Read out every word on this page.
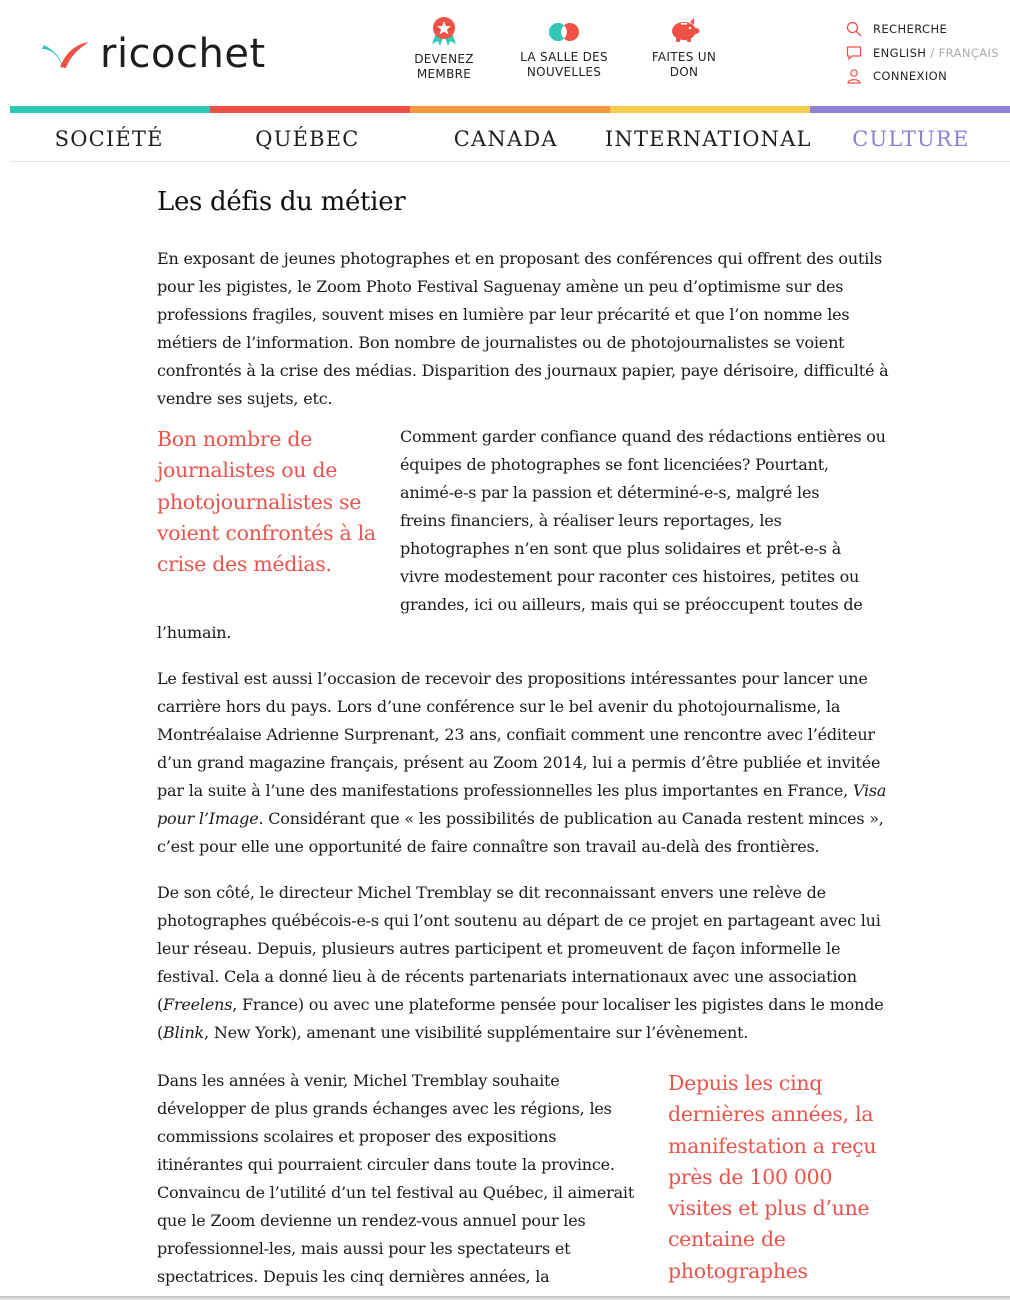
ricochet	DEVENEZ
MEMBRE
LA SALLE DES
NOUVELLES
FAITES UN
DON
RECHERCHE
ENGLISH / FRANÇAIS
CONNEXION
SOCIÉTÉ	QUÉBEC	CANADA	INTERNATIONAL	CULTURE
Les défis du métier

En exposant de jeunes photographes et en proposant des conférences qui offrent des outils pour les pigistes, le Zoom Photo Festival Saguenay amène un peu d’optimisme sur des professions fragiles, souvent mises en lumière par leur précarité et que l’on nomme les métiers de l’information. Bon nombre de journalistes ou de photojournalistes se voient confrontés à la crise des médias. Disparition des journaux papier, paye dérisoire, difficulté à vendre ses sujets, etc.

Bon nombre de journalistes ou de photojournalistes se voient confrontés à la crise des médias.
Comment garder confiance quand des rédactions entières ou
équipes de photographes se font licenciées? Pourtant,
animé-e-s par la passion et déterminé-e-s, malgré les
freins financiers, à réaliser leurs reportages, les
photographes n’en sont que plus solidaires et prêt-e-s à
vivre modestement pour raconter ces histoires, petites ou
grandes, ici ou ailleurs, mais qui se préoccupent toutes de
l’humain.

Le festival est aussi l’occasion de recevoir des propositions intéressantes pour lancer une carrière hors du pays. Lors d’une conférence sur le bel avenir du photojournalisme, la Montréalaise Adrienne Surprenant, 23 ans, confiait comment une rencontre avec l’éditeur d’un grand magazine français, présent au Zoom 2014, lui a permis d’être publiée et invitée par la suite à l’une des manifestations professionnelles les plus importantes en France, Visa pour l’Image. Considérant que « les possibilités de publication au Canada restent minces », c’est pour elle une opportunité de faire connaître son travail au-delà des frontières.

De son côté, le directeur Michel Tremblay se dit reconnaissant envers une relève de photographes québécois-e-s qui l’ont soutenu au départ de ce projet en partageant avec lui leur réseau. Depuis, plusieurs autres participent et promeuvent de façon informelle le festival. Cela a donné lieu à de récents partenariats internationaux avec une association (Freelens, France) ou avec une plateforme pensée pour localiser les pigistes dans le monde (Blink, New York), amenant une visibilité supplémentaire sur l’évènement.

Dans les années à venir, Michel Tremblay souhaite
développer de plus grands échanges avec les régions, les
commissions scolaires et proposer des expositions
itinérantes qui pourraient circuler dans toute la province.
Convaincu de l’utilité d’un tel festival au Québec, il aimerait
que le Zoom devienne un rendez-vous annuel pour les
professionnel-les, mais aussi pour les spectateurs et
spectatrices. Depuis les cinq dernières années, la
Depuis les cinq dernières années, la manifestation a reçu près de 100 000 visites et plus d’une centaine de photographes
